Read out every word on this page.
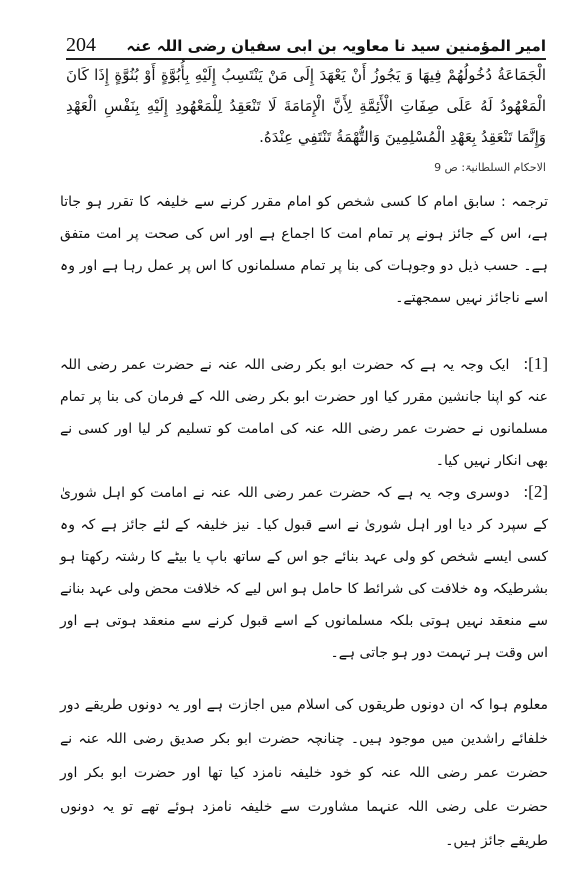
204 امیر المؤمنین سید نا معاویہ بن ابی سفیان رضی اللہ عنہ
الْجَمَاعَةُ دُخُولُهُمْ فِيهَا وَ يَجُوزُ أَنْ يَعْهَدَ إِلَى مَنْ يَنْتَسِبُ إِلَيْهِ بِأُبُوَّةٍ أَوْ بُنُوَّةٍ إِذَا كَانَ الْمَعْهُودُ لَهُ عَلَى صِفَاتِ الْأَئِمَّةِ لِأَنَّ الْإِمَامَةَ لَا تَنْعَقِدُ لِلْمَعْهُودِ إِلَيْهِ بِنَفْسِ الْعَهْدِ وَإِنَّمَا تَنْعَقِدُ بِعَهْدِ الْمُسْلِمِينَ وَالتُّهْمَةُ تَنْتَفِي عِنْدَهُ.
الاحکام السلطانیۃ: ص 9

ترجمہ : سابق امام کا کسی شخص کو امام مقرر کرنے سے خلیفہ کا تقرر ہو جاتا ہے، اس کے جائز ہونے پر تمام امت کا اجماع ہے اور اس کی صحت پر امت متفق ہے۔ حسب ذیل دو وجوہات کی بنا پر تمام مسلمانوں کا اس پر عمل رہا ہے اور وہ اسے ناجائز نہیں سمجھتے۔

[1]:ایک وجہ یہ ہے کہ حضرت ابو بکر رضی اللہ عنہ نے حضرت عمر رضی اللہ عنہ کو اپنا جانشین مقرر کیا اور حضرت ابو بکر رضی اللہ کے فرمان کی بنا پر تمام مسلمانوں نے حضرت عمر رضی اللہ عنہ کی امامت کو تسلیم کر لیا اور کسی نے بھی انکار نہیں کیا۔

[2]:دوسری وجہ یہ ہے کہ حضرت عمر رضی اللہ عنہ نے امامت کو اہل شوریٰ کے سپرد کر دیا اور اہل شوریٰ نے اسے قبول کیا۔ نیز خلیفہ کے لئے جائز ہے کہ وہ کسی ایسے شخص کو ولی عہد بنائے جو اس کے ساتھ باپ یا بیٹے کا رشتہ رکھتا ہو بشرطیکہ وہ خلافت کی شرائط کا حامل ہو اس لیے کہ خلافت محض ولی عہد بنانے سے منعقد نہیں ہوتی بلکہ مسلمانوں کے اسے قبول کرنے سے منعقد ہوتی ہے اور اس وقت ہر تہمت دور ہو جاتی ہے۔

معلوم ہوا کہ ان دونوں طریقوں کی اسلام میں اجازت ہے اور یہ دونوں طریقے دور خلفائے راشدین میں موجود ہیں۔ چنانچہ حضرت ابو بکر صدیق رضی اللہ عنہ نے حضرت عمر رضی اللہ عنہ کو خود خلیفہ نامزد کیا تھا اور حضرت ابو بکر اور حضرت علی رضی اللہ عنہما مشاورت سے خلیفہ نامزد ہوئے تھے تو یہ دونوں طریقے جائز ہیں۔
